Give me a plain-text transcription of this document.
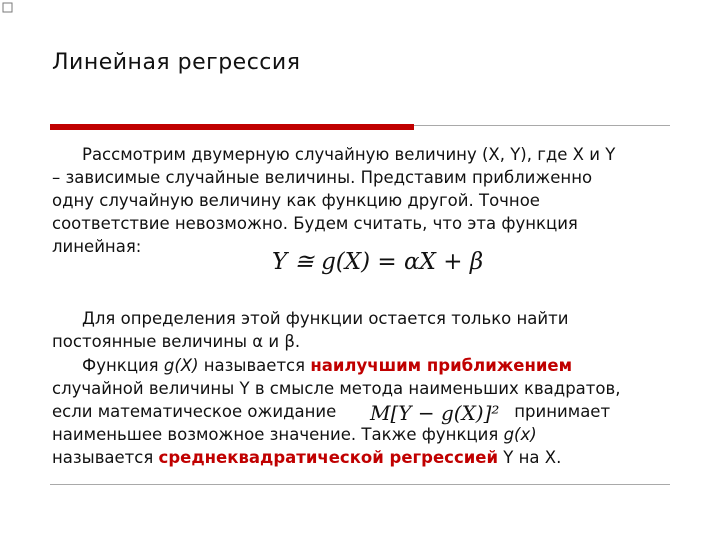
Линейная регрессия
Рассмотрим двумерную случайную величину (X, Y), где X и Y
– зависимые случайные величины. Представим приближенно
одну случайную величину как функцию другой. Точное
соответствие невозможно. Будем считать, что эта функция
линейная:
Y ≅ g(X) = αX + β
Для определения этой функции остается только найти
постоянные величины α и β.
Функция g(X) называется наилучшим приближением
случайной величины Y в смысле метода наименьших квадратов,
если математическое ожидание	принимает
наименьшее возможное значение. Также функция g(x)
называется среднеквадратической регрессией Y на X.
M[Y − g(X)]²
